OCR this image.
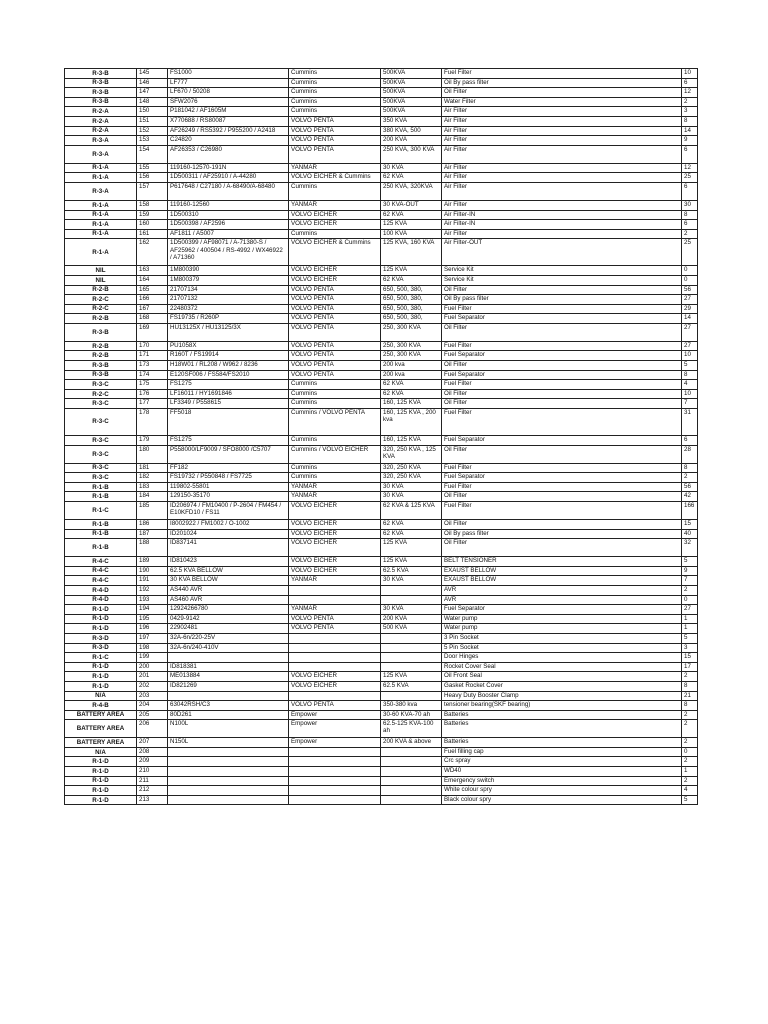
R-3-B	145	FS1000	Cummins	500KVA	Fuel Filter	10
R-3-B	146	LF777	Cummins	500KVA	Oil By pass filter	6
R-3-B	147	LF670 / 50208	Cummins	500KVA	Oil Filter	12
R-3-B	148	SFW2076	Cummins	500KVA	Water Filter	2
R-2-A	150	P181042 / AF1605M	Cummins	500KVA	Air Filter	3
R-2-A	151	X770688 / RS80087	VOLVO PENTA	350 KVA	Air Filter	8
R-2-A	152	AF26249 / RS5392 / P955200 / A2418	VOLVO PENTA	380 KVA, 500	Air Filter	14
R-3-A	153	C24820	VOLVO PENTA	200 KVA	Air Filter	9
R-3-A	154	AF26353 / C26980	VOLVO PENTA	250 KVA, 300 KVA	Air Filter	6
R-1-A	155	119160-12570-191N	YANMAR	30 KVA	Air Filter	12
R-1-A	156	1D500311 / AF25910 / A-44280	VOLVO EICHER & Cummins	62 KVA	Air Filter	25
R-3-A	157	P617648 / C27180 / A-68490/A-68480	Cummins	250 KVA, 320KVA	Air Filter	6
R-1-A	158	119160-12560	YANMAR	30 KVA-OUT	Air Filter	30
R-1-A	159	1D500310	VOLVO EICHER	62 KVA	Air Filter-IN	8
R-1-A	160	1D500398 / AF2596	VOLVO EICHER	125 KVA	Air Filter-IN	6
R-1-A	161	AF1811 / A5007	Cummins	100 KVA	Air Filter	2
R-1-A	162	1D500399 / AF98071 / A-71380-S / AF25962 / 400504 / RS-4992 / WX46922 / A71360	VOLVO EICHER & Cummins	125 KVA, 160 KVA	Air Filter-OUT	25
NIL	163	1M800390	VOLVO EICHER	125 KVA	Service Kit	0
NIL	164	1M800379	VOLVO EICHER	62 KVA	Service Kit	0
R-2-B	165	21707134	VOLVO PENTA	650, 500, 380,	Oil Filter	56
R-2-C	166	21707132	VOLVO PENTA	650, 500, 380,	Oil By pass filter	27
R-2-C	167	22480372	VOLVO PENTA	650, 500, 380,	Fuel Filter	29
R-2-B	168	FS19735 / R260P	VOLVO PENTA	650, 500, 380,	Fuel Separator	14
R-3-B	169	HU13125X / HU13125/3X	VOLVO PENTA	250, 300 KVA	Oil Filter	27
R-2-B	170	PU1058X	VOLVO PENTA	250, 300 KVA	Fuel Filter	27
R-2-B	171	R160T / FS19914	VOLVO PENTA	250, 300 KVA	Fuel Separator	10
R-3-B	173	H18W01 / RL208 / W962 / 8236	VOLVO PENTA	200 kva	Oil Filter	5
R-3-B	174	E120SF006 / FS584/FS2010	VOLVO PENTA	200 kva	Fuel Separator	8
R-3-C	175	FS1275	Cummins	62 KVA	Fuel Filter	4
R-2-C	176	LF16011 / HY1691846	Cummins	62 KVA	Oil Filter	10
R-3-C	177	LF3349 / P558615	Cummins	160, 125 KVA	Oil Filter	7
R-3-C	178	FF5018	Cummins / VOLVO PENTA	160, 125 KVA , 200 kva	Fuel Filter	31
R-3-C	179	FS1275	Cummins	160, 125 KVA	Fuel Separator	6
R-3-C	180	P558000/LF9009 / SFO8000 /C5707	Cummins / VOLVO EICHER	320, 250 KVA , 125 KVA	Oil Filter	28
R-3-C	181	FF182	Cummins	320, 250 KVA	Fuel Filter	8
R-3-C	182	FS19732 / P550848 / FS7725	Cummins	320, 250 KVA	Fuel Separator	2
R-1-B	183	119802-55801	YANMAR	30 KVA	Fuel Filter	56
R-1-B	184	129150-35170	YANMAR	30 KVA	Oil Filter	42
R-1-C	185	ID206974 / FM10400 / P-2604 / FM454 / E10KFD10 / FS11	VOLVO EICHER	62 KVA & 125 KVA	Fuel Filter	166
R-1-B	186	I8002922 / FM1002 / O-1002	VOLVO EICHER	62 KVA	Oil Filter	15
R-1-B	187	ID201024	VOLVO EICHER	62 KVA	Oil By pass filter	40
R-1-B	188	ID837141	VOLVO EICHER	125 KVA	Oil Filter	32
R-4-C	189	ID810423	VOLVO EICHER	125 KVA	BELT TENSIONER	5
R-4-C	190	62.5 KVA BELLOW	VOLVO EICHER	62.5 KVA	EXAUST BELLOW	9
R-4-C	191	30 KVA BELLOW	YANMAR	30 KVA	EXAUST BELLOW	7
R-4-D	192	AS440 AVR			AVR	2
R-4-D	193	AS460 AVR			AVR	0
R-1-D	194	12924266780	YANMAR	30 KVA	Fuel Separator	27
R-1-D	195	0429-9142	VOLVO PENTA	200 KVA	Water pump	1
R-1-D	196	22902481	VOLVO PENTA	500 KVA	Water pump	1
R-3-D	197	32A-6n/220-25V			3 Pin Socket	5
R-3-D	198	32A-6n/240-410V			5 Pin Socket	3
R-1-C	199				Door Hinges	15
R-1-D	200	ID818381			Rocket Cover Seal	17
R-1-D	201	ME013884	VOLVO EICHER	125 KVA	Oil Front Seal	2
R-1-D	202	ID821269	VOLVO EICHER	62.5 KVA	Gasket Rocket Cover	8
N/A	203				Heavy Duty Booster Clamp	21
R-4-B	204	63042RSH/C3	VOLVO PENTA	350-380 kva	tensioner bearing(SKF bearing)	8
BATTERY AREA	205	80D261	Empower	30-60 KVA-70 ah	Batteries	2
BATTERY AREA	206	N100L	Empower	62.5-125 KVA-100 ah	Batteries	2
BATTERY AREA	207	N150L	Empower	200 KVA & above	Batteries	2
N/A	208				Fuel filling cap	0
R-1-D	209				Crc spray	2
R-1-D	210				WD40	1
R-1-D	211				Emergency switch	2
R-1-D	212				White colour spry	4
R-1-D	213				Black colour spry	5
